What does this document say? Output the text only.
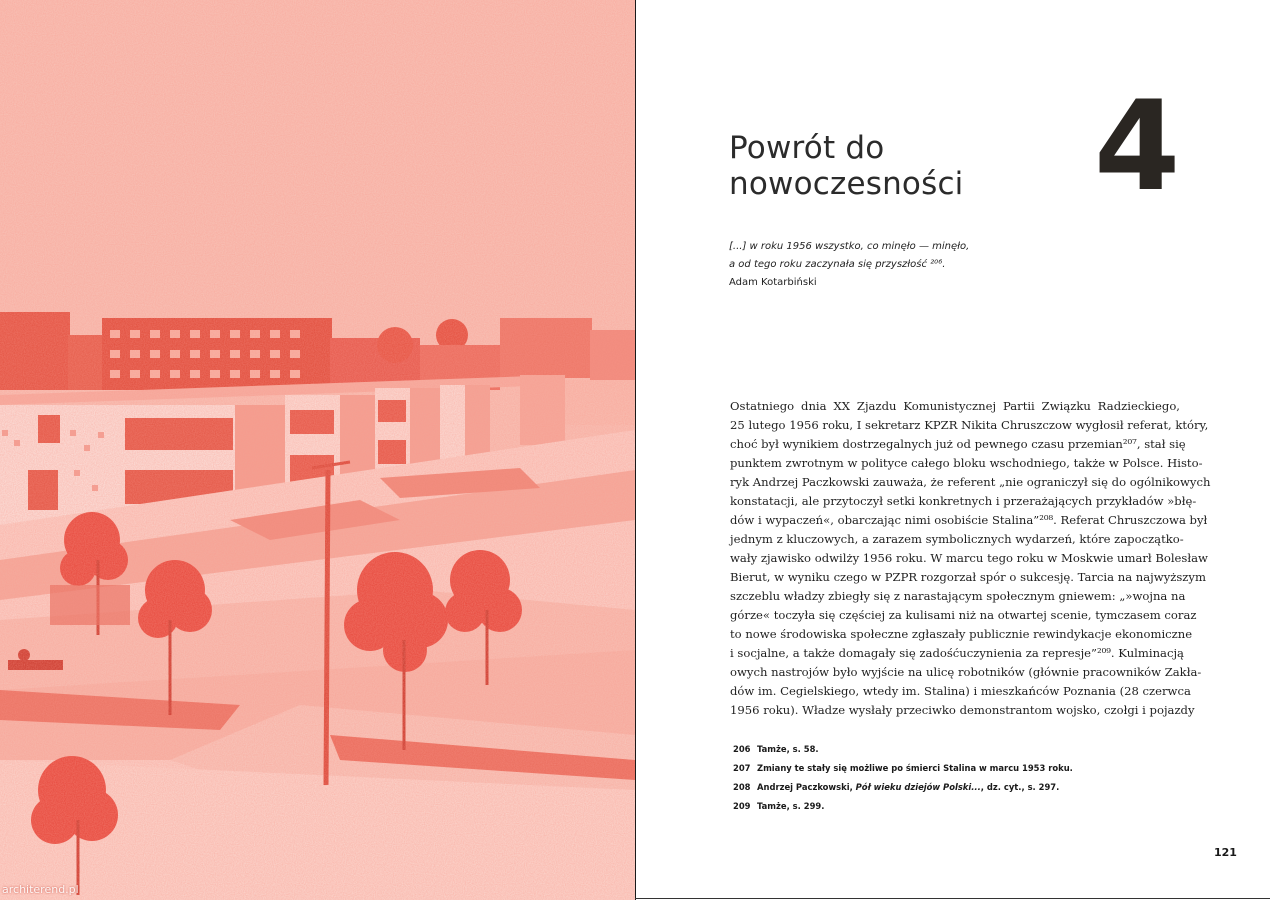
architerend.pl
Powrót do
nowoczesności 4
[...] w roku 1956 wszystko, co minęło — minęło,
a od tego roku zaczynała się przyszłość ²⁰⁶.
Adam Kotarbiński
Ostatniego dnia XX Zjazdu Komunistycznej Partii Związku Radzieckiego,
25 lutego 1956 roku, I sekretarz KPZR Nikita Chruszczow wygłosił referat, który,
choć był wynikiem dostrzegalnych już od pewnego czasu przemian²⁰⁷, stał się
punktem zwrotnym w polityce całego bloku wschodniego, także w Polsce. Histo-
ryk Andrzej Paczkowski zauważa, że referent „nie ograniczył się do ogólnikowych
konstatacji, ale przytoczył setki konkretnych i przerażających przykładów »błę-
dów i wypaczeń«, obarczając nimi osobiście Stalina”²⁰⁸. Referat Chruszczowa był
jednym z kluczowych, a zarazem symbolicznych wydarzeń, które zapoczątko-
wały zjawisko odwilży 1956 roku. W marcu tego roku w Moskwie umarł Bolesław
Bierut, w wyniku czego w PZPR rozgorzał spór o sukcesję. Tarcia na najwyższym
szczeblu władzy zbiegły się z narastającym społecznym gniewem: „»wojna na
górze« toczyła się częściej za kulisami niż na otwartej scenie, tymczasem coraz
to nowe środowiska społeczne zgłaszały publicznie rewindykacje ekonomiczne
i socjalne, a także domagały się zadośćuczynienia za represje”²⁰⁹. Kulminacją
owych nastrojów było wyjście na ulicę robotników (głównie pracowników Zakła-
dów im. Cegielskiego, wtedy im. Stalina) i mieszkańców Poznania (28 czerwca
1956 roku). Władze wysłały przeciwko demonstrantom wojsko, czołgi i pojazdy
206 Tamże, s. 58.
207 Zmiany te stały się możliwe po śmierci Stalina w marcu 1953 roku.
208 Andrzej Paczkowski, Pół wieku dziejów Polski..., dz. cyt., s. 297.
209 Tamże, s. 299.
121
